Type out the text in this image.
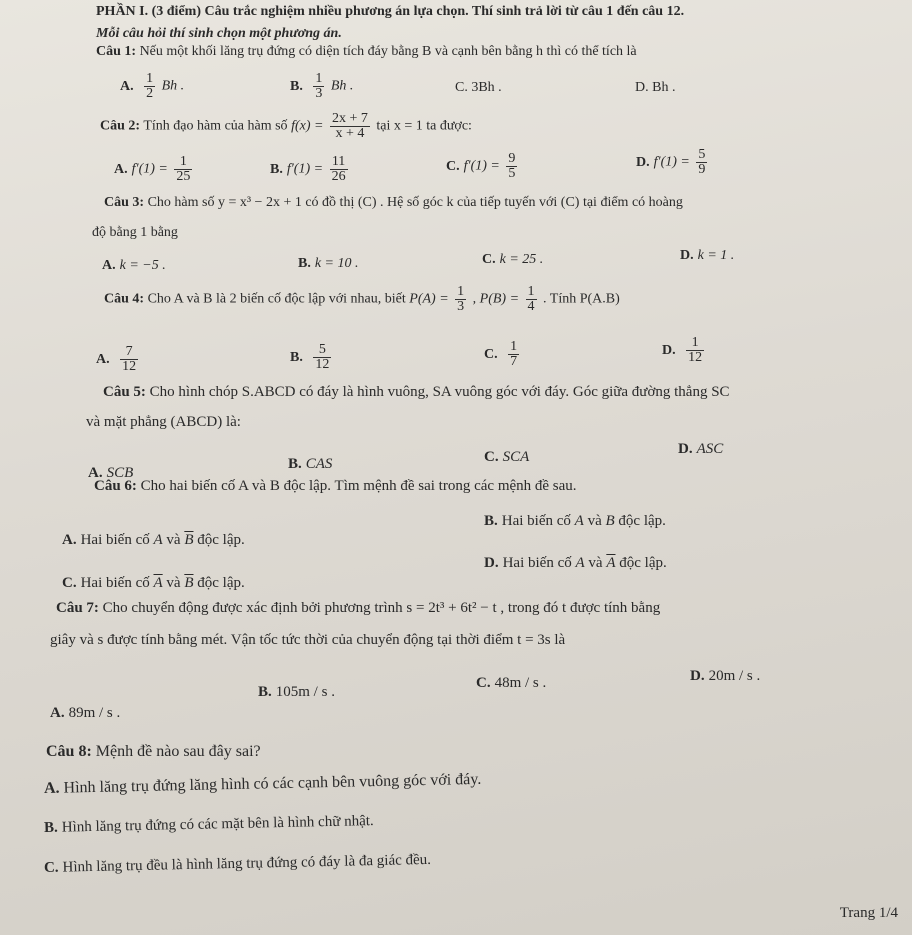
PHẦN I. (3 điểm) Câu trắc nghiệm nhiều phương án lựa chọn. Thí sinh trả lời từ câu 1 đến câu 12.
Mỗi câu hỏi thí sinh chọn một phương án.
Câu 1: Nếu một khối lăng trụ đứng có diện tích đáy bằng B và cạnh bên bằng h thì có thể tích là
A. $\frac{1}{2}$ Bh .	B. $\frac{1}{3}$ Bh .	C. 3Bh .	D. Bh .
Câu 2: Tính đạo hàm của hàm số $f(x) = \frac{2x + 7}{x + 4}$ tại x = 1 ta được:
A. $f'(1) = \frac{1}{25}$	B. $f'(1) = \frac{11}{26}$	C. $f'(1) = \frac{9}{5}$	D. $f'(1) = \frac{5}{9}$
Câu 3: Cho hàm số y = x³ − 2x + 1 có đồ thị (C) . Hệ số góc k của tiếp tuyến với (C) tại điểm có hoàng
độ bằng 1 bằng
A. k = −5 .	B. k = 10 .	C. k = 25 .	D. k = 1 .
Câu 4: Cho A và B là 2 biến cố độc lập với nhau, biết $P(A) = \frac{1}{3}$ , $P(B) = \frac{1}{4}$ . Tính P(A.B)
A. $\frac{7}{12}$	B. $\frac{5}{12}$	C. $\frac{1}{7}$	D. $\frac{1}{12}$
Câu 5: Cho hình chóp S.ABCD có đáy là hình vuông, SA vuông góc với đáy. Góc giữa đường thẳng SC
và mặt phẳng (ABCD) là:
A. SCB
B. CAS	C. SCA	D. ASC
Câu 6: Cho hai biến cố A và B độc lập. Tìm mệnh đề sai trong các mệnh đề sau.
A. Hai biến cố A và $\overline{B}$ độc lập.
B. Hai biến cố A và B độc lập.
C. Hai biến cố $\overline{A}$ và $\overline{B}$ độc lập.
D. Hai biến cố A và $\overline{A}$ độc lập.
Câu 7: Cho chuyển động được xác định bởi phương trình s = 2t³ + 6t² − t , trong đó t được tính bằng
giây và s được tính bằng mét. Vận tốc tức thời của chuyển động tại thời điểm t = 3s là
A. 89m / s .
B. 105m / s .
C. 48m / s .	D. 20m / s .
Câu 8: Mệnh đề nào sau đây sai?
A. Hình lăng trụ đứng lăng hình có các cạnh bên vuông góc với đáy.
B. Hình lăng trụ đứng có các mặt bên là hình chữ nhật.
C. Hình lăng trụ đều là hình lăng trụ đứng có đáy là đa giác đều.
Trang 1/4
